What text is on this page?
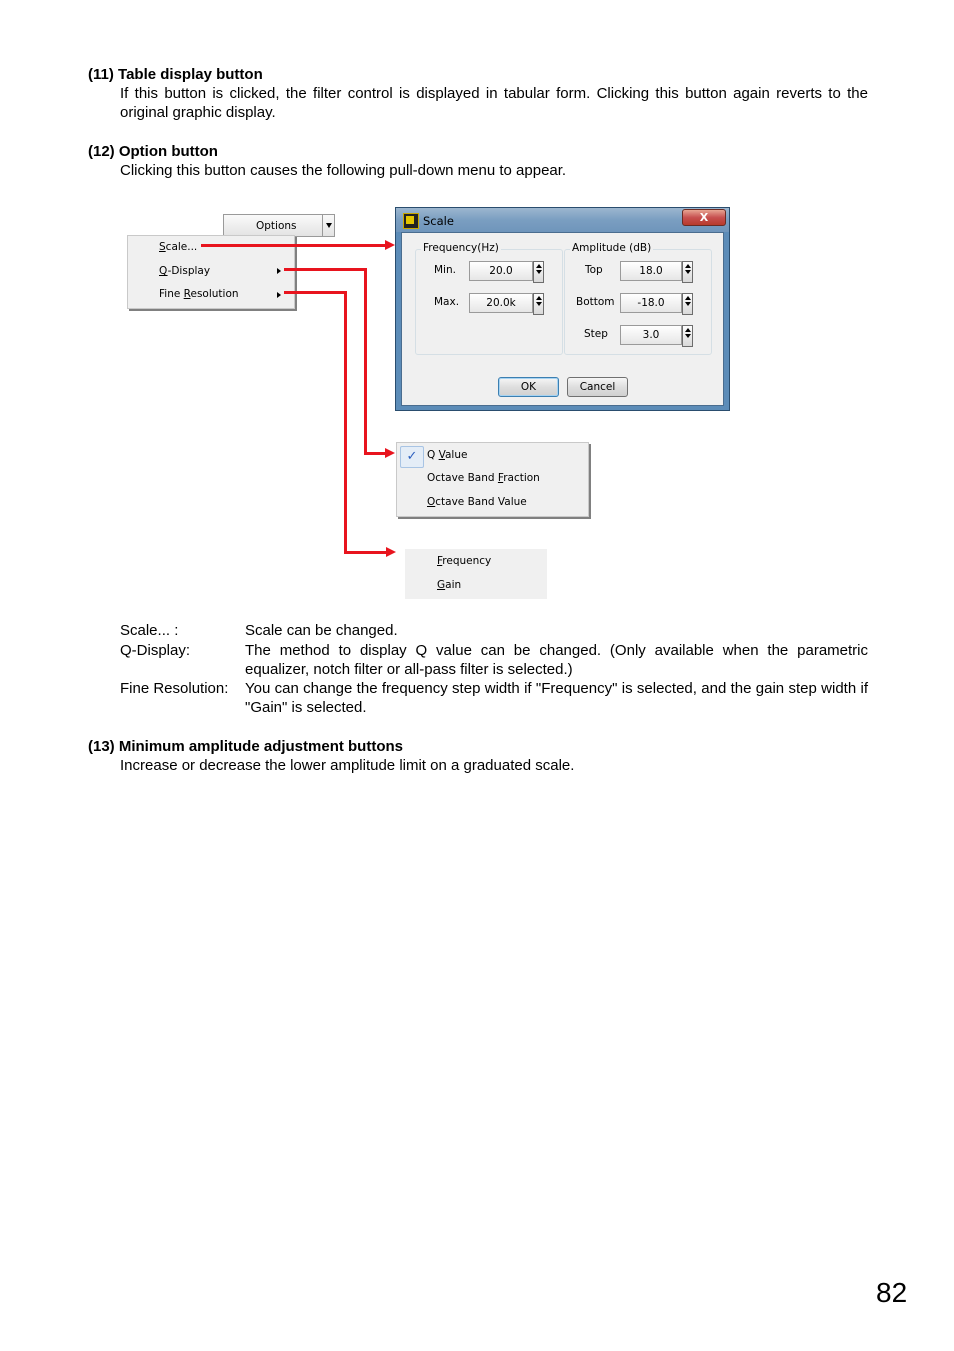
(11) Table display button
If this button is clicked, the filter control is displayed in tabular form. Clicking this button again reverts to the original graphic display.
(12) Option button
Clicking this button causes the following pull-down menu to appear.
Options
Scale...
Q-Display
Fine Resolution
Scale	X
Frequency(Hz)
Min.	20.0
Max.	20.0k
Amplitude (dB)
Top	18.0
Bottom	-18.0
Step	3.0
OK	Cancel
✓ Q Value
Octave Band Fraction
Octave Band Value
Frequency
Gain
Scale... :	Scale can be changed.
Q-Display:	The method to display Q value can be changed. (Only available when the parametric equalizer, notch filter or all-pass filter is selected.)
Fine Resolution: You can change the frequency step width if "Frequency" is selected, and the gain step width if "Gain" is selected.
(13) Minimum amplitude adjustment buttons
Increase or decrease the lower amplitude limit on a graduated scale.
82
